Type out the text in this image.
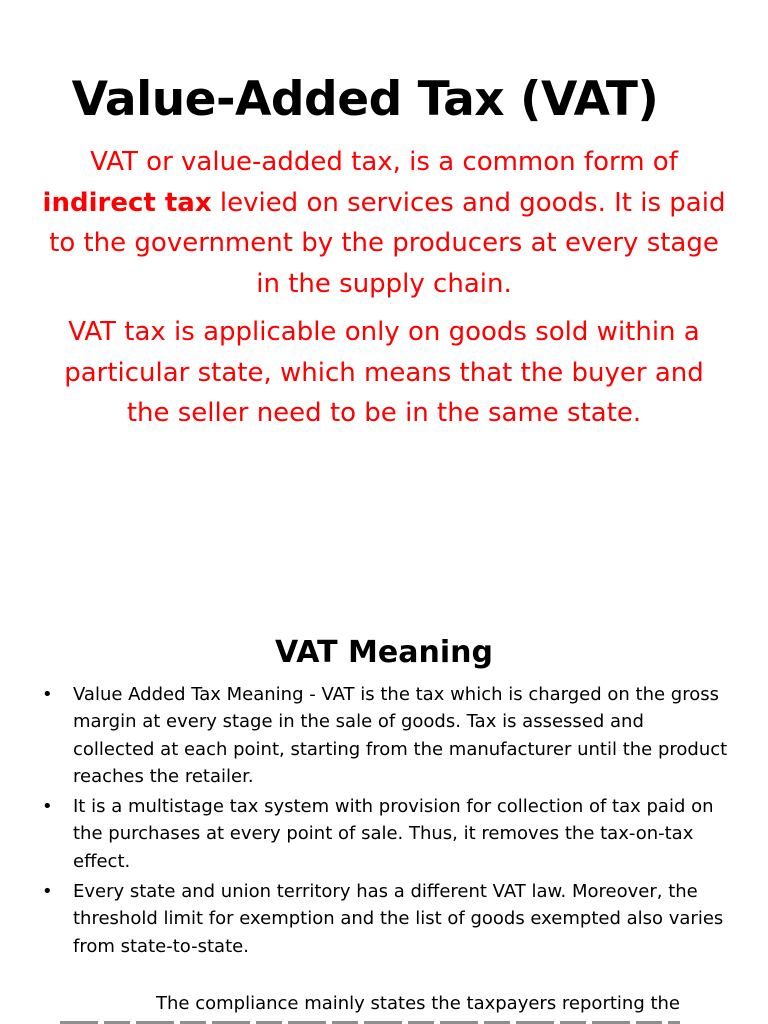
Value-Added Tax (VAT)

VAT or value-added tax, is a common form of indirect tax levied on services and goods. It is paid to the government by the producers at every stage in the supply chain.

VAT tax is applicable only on goods sold within a particular state, which means that the buyer and the seller need to be in the same state.

VAT Meaning
• Value Added Tax Meaning - VAT is the tax which is charged on the gross margin at every stage in the sale of goods. Tax is assessed and collected at each point, starting from the manufacturer until the product reaches the retailer.
• It is a multistage tax system with provision for collection of tax paid on the purchases at every point of sale. Thus, it removes the tax-on-tax effect.
• Every state and union territory has a different VAT law. Moreover, the threshold limit for exemption and the list of goods exempted also varies from state-to-state.
The compliance mainly states the taxpayers reporting the
